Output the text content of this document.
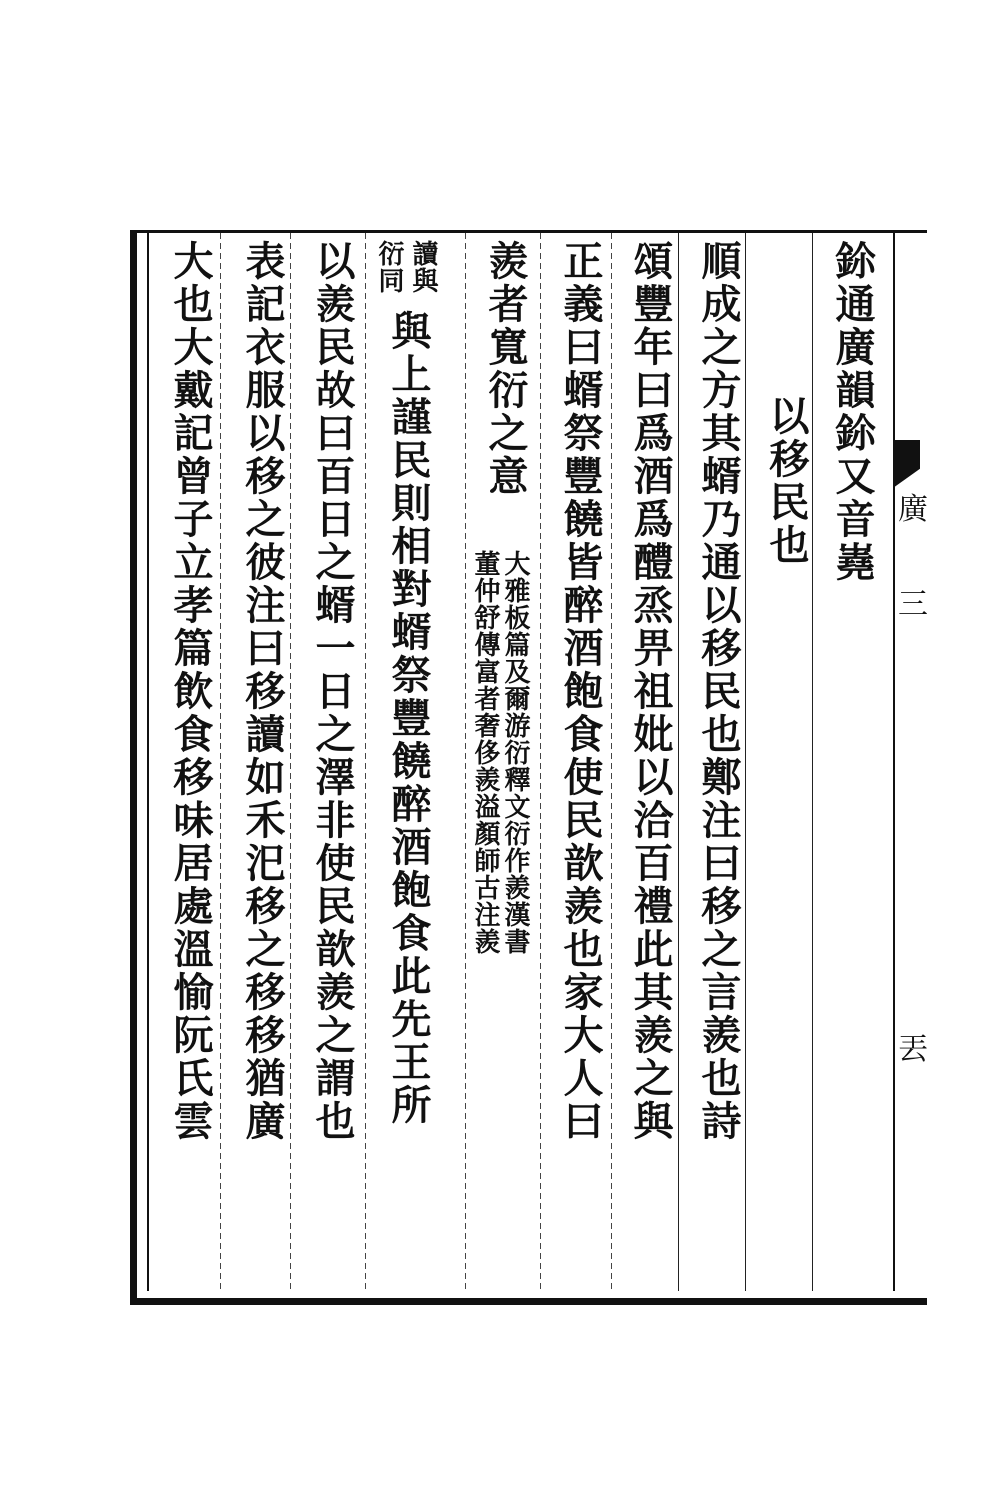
廣
三
丟
鉩通廣韻鉩又音嶤
以移民也
順成之方其蝑乃通以移民也鄭注曰移之言羨也詩
頌豐年曰爲酒爲醴烝畀祖妣以洽百禮此其羨之與
正義曰蝑祭豐饒皆醉酒飽食使民歆羨也家大人曰
羨者寬衍之意
大雅板篇及爾游衍釋文衍作羨漢書
董仲舒傳富者奢侈羨溢顏師古注羨
讀與
衍同
與上謹民則相對蝑祭豐饒醉酒飽食此先王所
以羨民故曰百日之蝑一日之澤非使民歆羨之謂也
表記衣服以移之彼注曰移讀如禾汜移之移移猶廣
大也大戴記曾子立孝篇飲食移味居處溫愉阮氏雲
